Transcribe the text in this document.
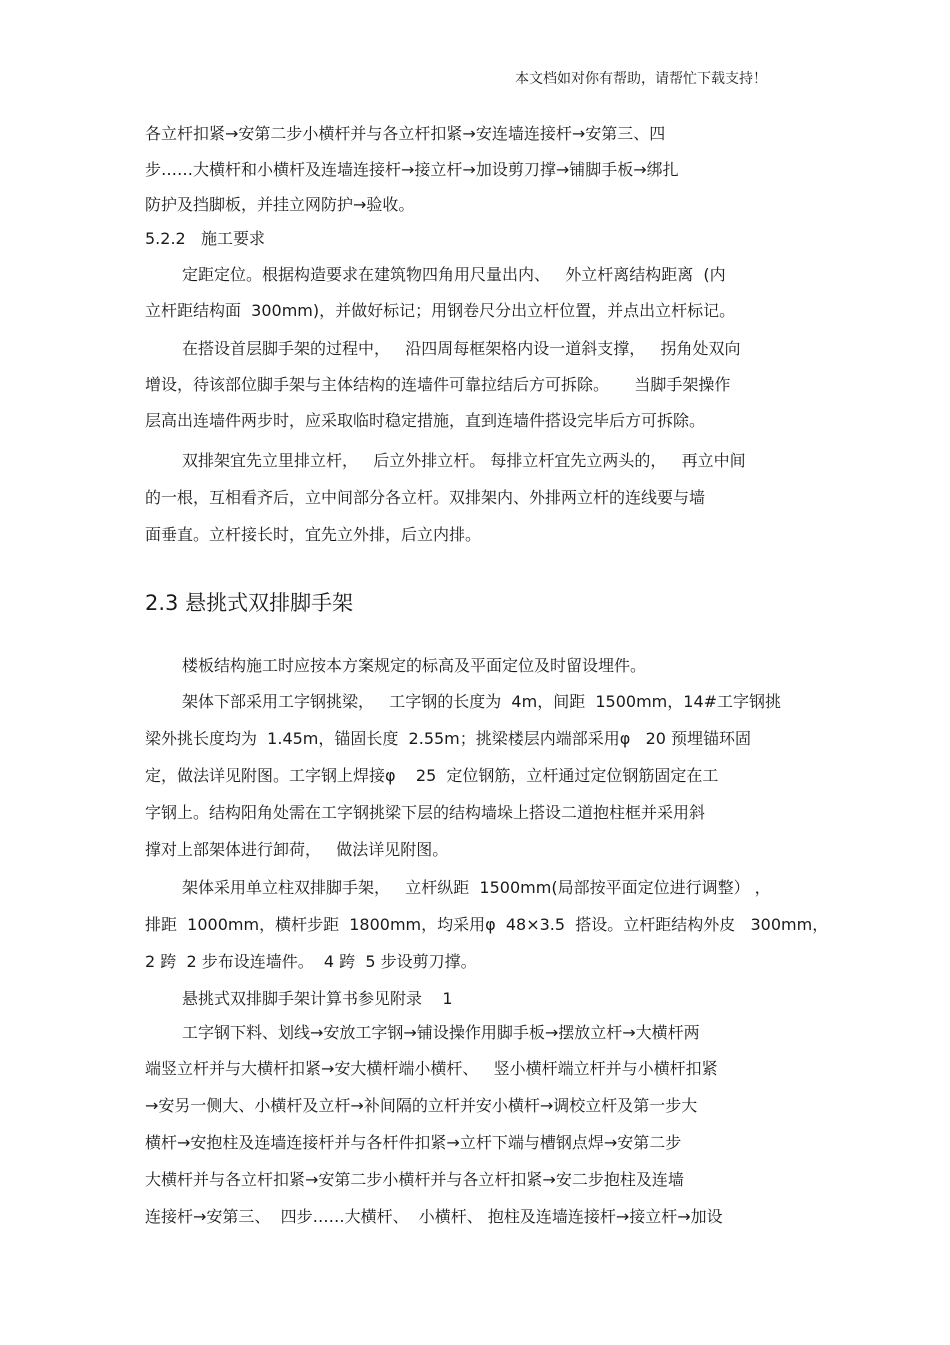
本文档如对你有帮助，请帮忙下载支持！
各立杆扣紧→安第二步小横杆并与各立杆扣紧→安连墙连接杆→安第三、四
步……大横杆和小横杆及连墙连接杆→接立杆→加设剪刀撑→铺脚手板→绑扎
防护及挡脚板，并挂立网防护→验收。
5.2.2   施工要求
定距定位。根据构造要求在建筑物四角用尺量出内、   外立杆离结构距离  (内
立杆距结构面  300mm)，并做好标记；用钢卷尺分出立杆位置，并点出立杆标记。
在搭设首层脚手架的过程中，   沿四周每框架格内设一道斜支撑，   拐角处双向
增设，待该部位脚手架与主体结构的连墙件可靠拉结后方可拆除。     当脚手架操作
层高出连墙件两步时，应采取临时稳定措施，直到连墙件搭设完毕后方可拆除。
双排架宜先立里排立杆，   后立外排立杆。 每排立杆宜先立两头的，   再立中间
的一根，互相看齐后，立中间部分各立杆。双排架内、外排两立杆的连线要与墙
面垂直。立杆接长时，宜先立外排，后立内排。
2.3 悬挑式双排脚手架
楼板结构施工时应按本方案规定的标高及平面定位及时留设埋件。
架体下部采用工字钢挑梁，   工字钢的长度为  4m，间距  1500mm，14#工字钢挑
梁外挑长度均为  1.45m，锚固长度  2.55m；挑梁楼层内端部采用φ   20 预埋锚环固
定，做法详见附图。工字钢上焊接φ    25  定位钢筋，立杆通过定位钢筋固定在工
字钢上。结构阳角处需在工字钢挑梁下层的结构墙垛上搭设二道抱柱框并采用斜
撑对上部架体进行卸荷，   做法详见附图。
架体采用单立柱双排脚手架，   立杆纵距  1500mm(局部按平面定位进行调整） ，
排距  1000mm，横杆步距  1800mm，均采用φ  48×3.5  搭设。立杆距结构外皮   300mm，
2 跨  2 步布设连墙件。  4 跨  5 步设剪刀撑。
悬挑式双排脚手架计算书参见附录    1
工字钢下料、划线→安放工字钢→铺设操作用脚手板→摆放立杆→大横杆两
端竖立杆并与大横杆扣紧→安大横杆端小横杆、   竖小横杆端立杆并与小横杆扣紧
→安另一侧大、小横杆及立杆→补间隔的立杆并安小横杆→调校立杆及第一步大
横杆→安抱柱及连墙连接杆并与各杆件扣紧→立杆下端与槽钢点焊→安第二步
大横杆并与各立杆扣紧→安第二步小横杆并与各立杆扣紧→安二步抱柱及连墙
连接杆→安第三、  四步……大横杆、  小横杆、 抱柱及连墙连接杆→接立杆→加设
